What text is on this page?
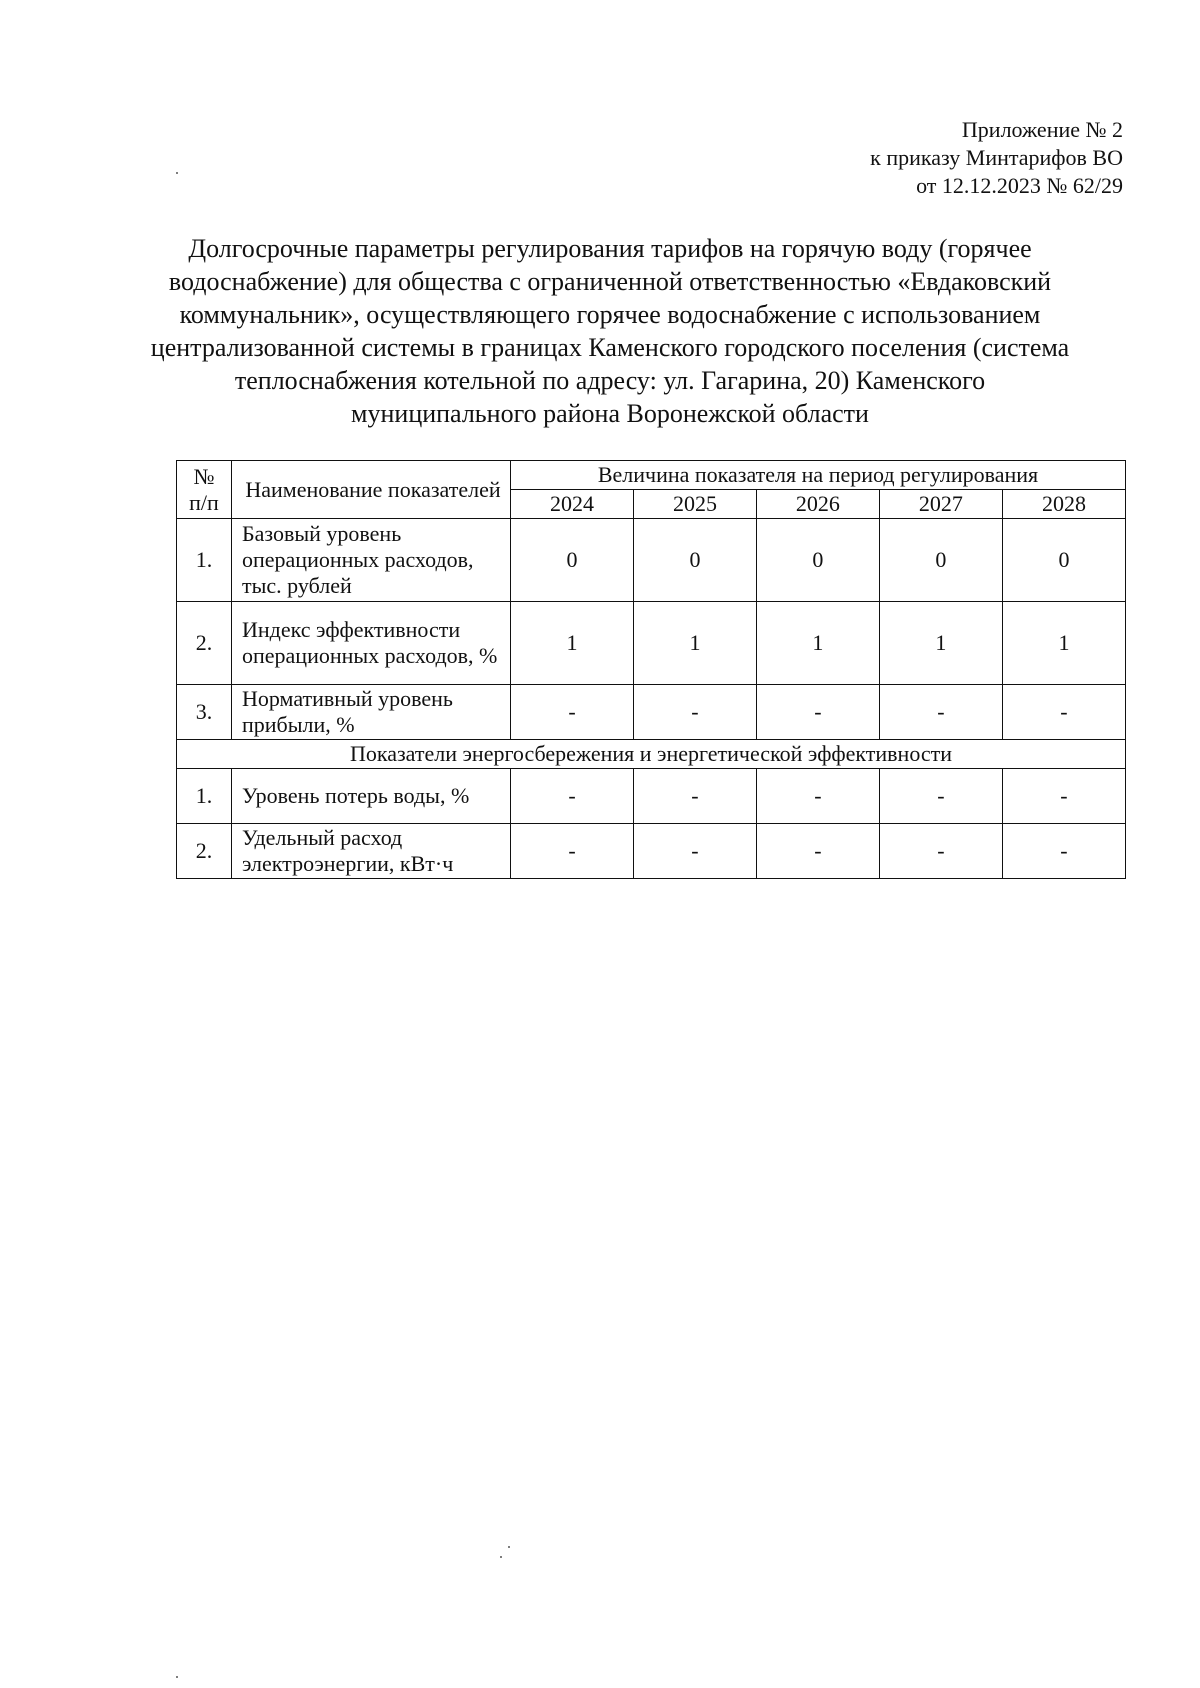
Приложение № 2
к приказу Минтарифов ВО
от 12.12.2023 № 62/29
Долгосрочные параметры регулирования тарифов на горячую воду (горячее водоснабжение) для общества с ограниченной ответственностью «Евдаковский коммунальник», осуществляющего горячее водоснабжение с использованием централизованной системы в границах Каменского городского поселения (система теплоснабжения котельной по адресу: ул. Гагарина, 20) Каменского муниципального района Воронежской области
№ п/п	Наименование показателей	Величина показателя на период регулирования				
		2024	2025	2026	2027	2028
1.	Базовый уровень операционных расходов, тыс. рублей	0	0	0	0	0
2.	Индекс эффективности операционных расходов, %	1	1	1	1	1
3.	Нормативный уровень прибыли, %	-	-	-	-	-
Показатели энергосбережения и энергетической эффективности						
1.	Уровень потерь воды, %	-	-	-	-	-
2.	Удельный расход электроэнергии, кВт·ч	-	-	-	-	-
